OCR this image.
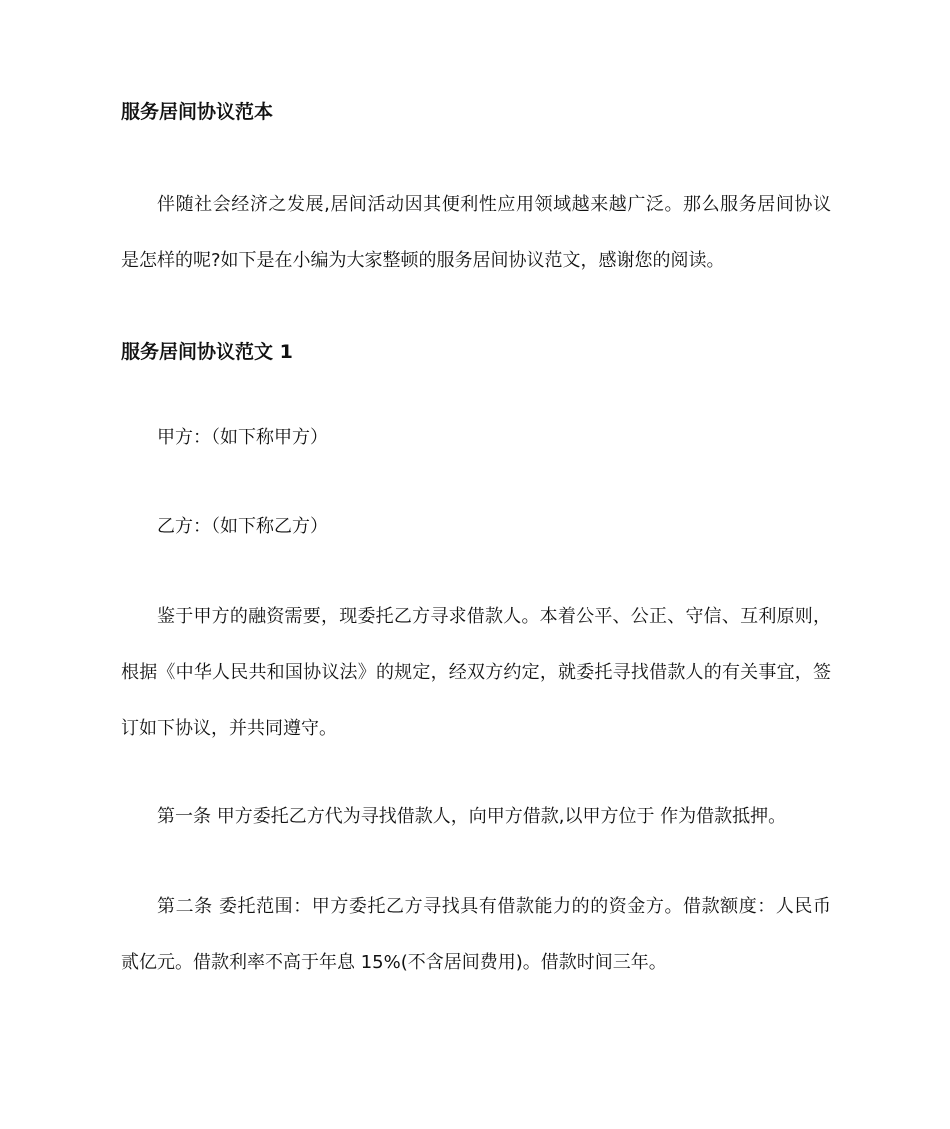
服务居间协议范本
伴随社会经济之发展,居间活动因其便利性应用领域越来越广泛。那么服务居间协议
是怎样的呢?如下是在小编为大家整顿的服务居间协议范文，感谢您的阅读。
服务居间协议范文 1
甲方：（如下称甲方）
乙方：（如下称乙方）
鉴于甲方的融资需要，现委托乙方寻求借款人。本着公平、公正、守信、互利原则，
根据《中华人民共和国协议法》的规定，经双方约定，就委托寻找借款人的有关事宜，签
订如下协议，并共同遵守。
第一条 甲方委托乙方代为寻找借款人，向甲方借款,以甲方位于 作为借款抵押。
第二条 委托范围：甲方委托乙方寻找具有借款能力的的资金方。借款额度：人民币
贰亿元。借款利率不高于年息 15%(不含居间费用)。借款时间三年。
